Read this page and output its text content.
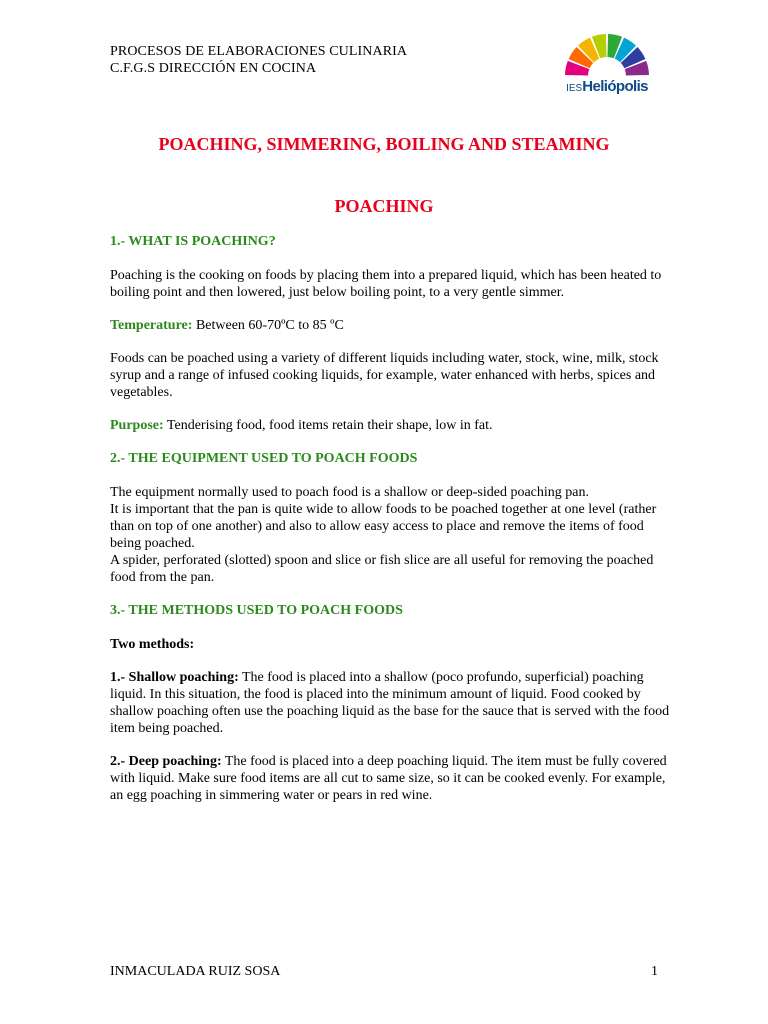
PROCESOS DE ELABORACIONES CULINARIA
C.F.G.S DIRECCIÓN EN COCINA
IESHeliópolis
POACHING, SIMMERING, BOILING AND STEAMING
POACHING
1.- WHAT IS POACHING?

Poaching is the cooking on foods by placing them into a prepared liquid, which has been heated to boiling point and then lowered, just below boiling point, to a very gentle simmer.

Temperature: Between 60-70ºC to 85 ºC

Foods can be poached using a variety of different liquids including water, stock, wine, milk, stock syrup and a range of infused cooking liquids, for example, water enhanced with herbs, spices and vegetables.

Purpose: Tenderising food, food items retain their shape, low in fat.

2.- THE EQUIPMENT USED TO POACH FOODS

The equipment normally used to poach food is a shallow or deep-sided poaching pan.
It is important that the pan is quite wide to allow foods to be poached together at one level (rather than on top of one another) and also to allow easy access to place and remove the items of food being poached.
A spider, perforated (slotted) spoon and slice or fish slice are all useful for removing the poached food from the pan.

3.- THE METHODS USED TO POACH FOODS

Two methods:

1.- Shallow poaching: The food is placed into a shallow (poco profundo, superficial) poaching liquid. In this situation, the food is placed into the minimum amount of liquid. Food cooked by shallow poaching often use the poaching liquid as the base for the sauce that is served with the food item being poached.

2.- Deep poaching: The food is placed into a deep poaching liquid. The item must be fully covered with liquid. Make sure food items are all cut to same size, so it can be cooked evenly. For example, an egg poaching in simmering water or pears in red wine.

INMACULADA RUIZ SOSA	1
